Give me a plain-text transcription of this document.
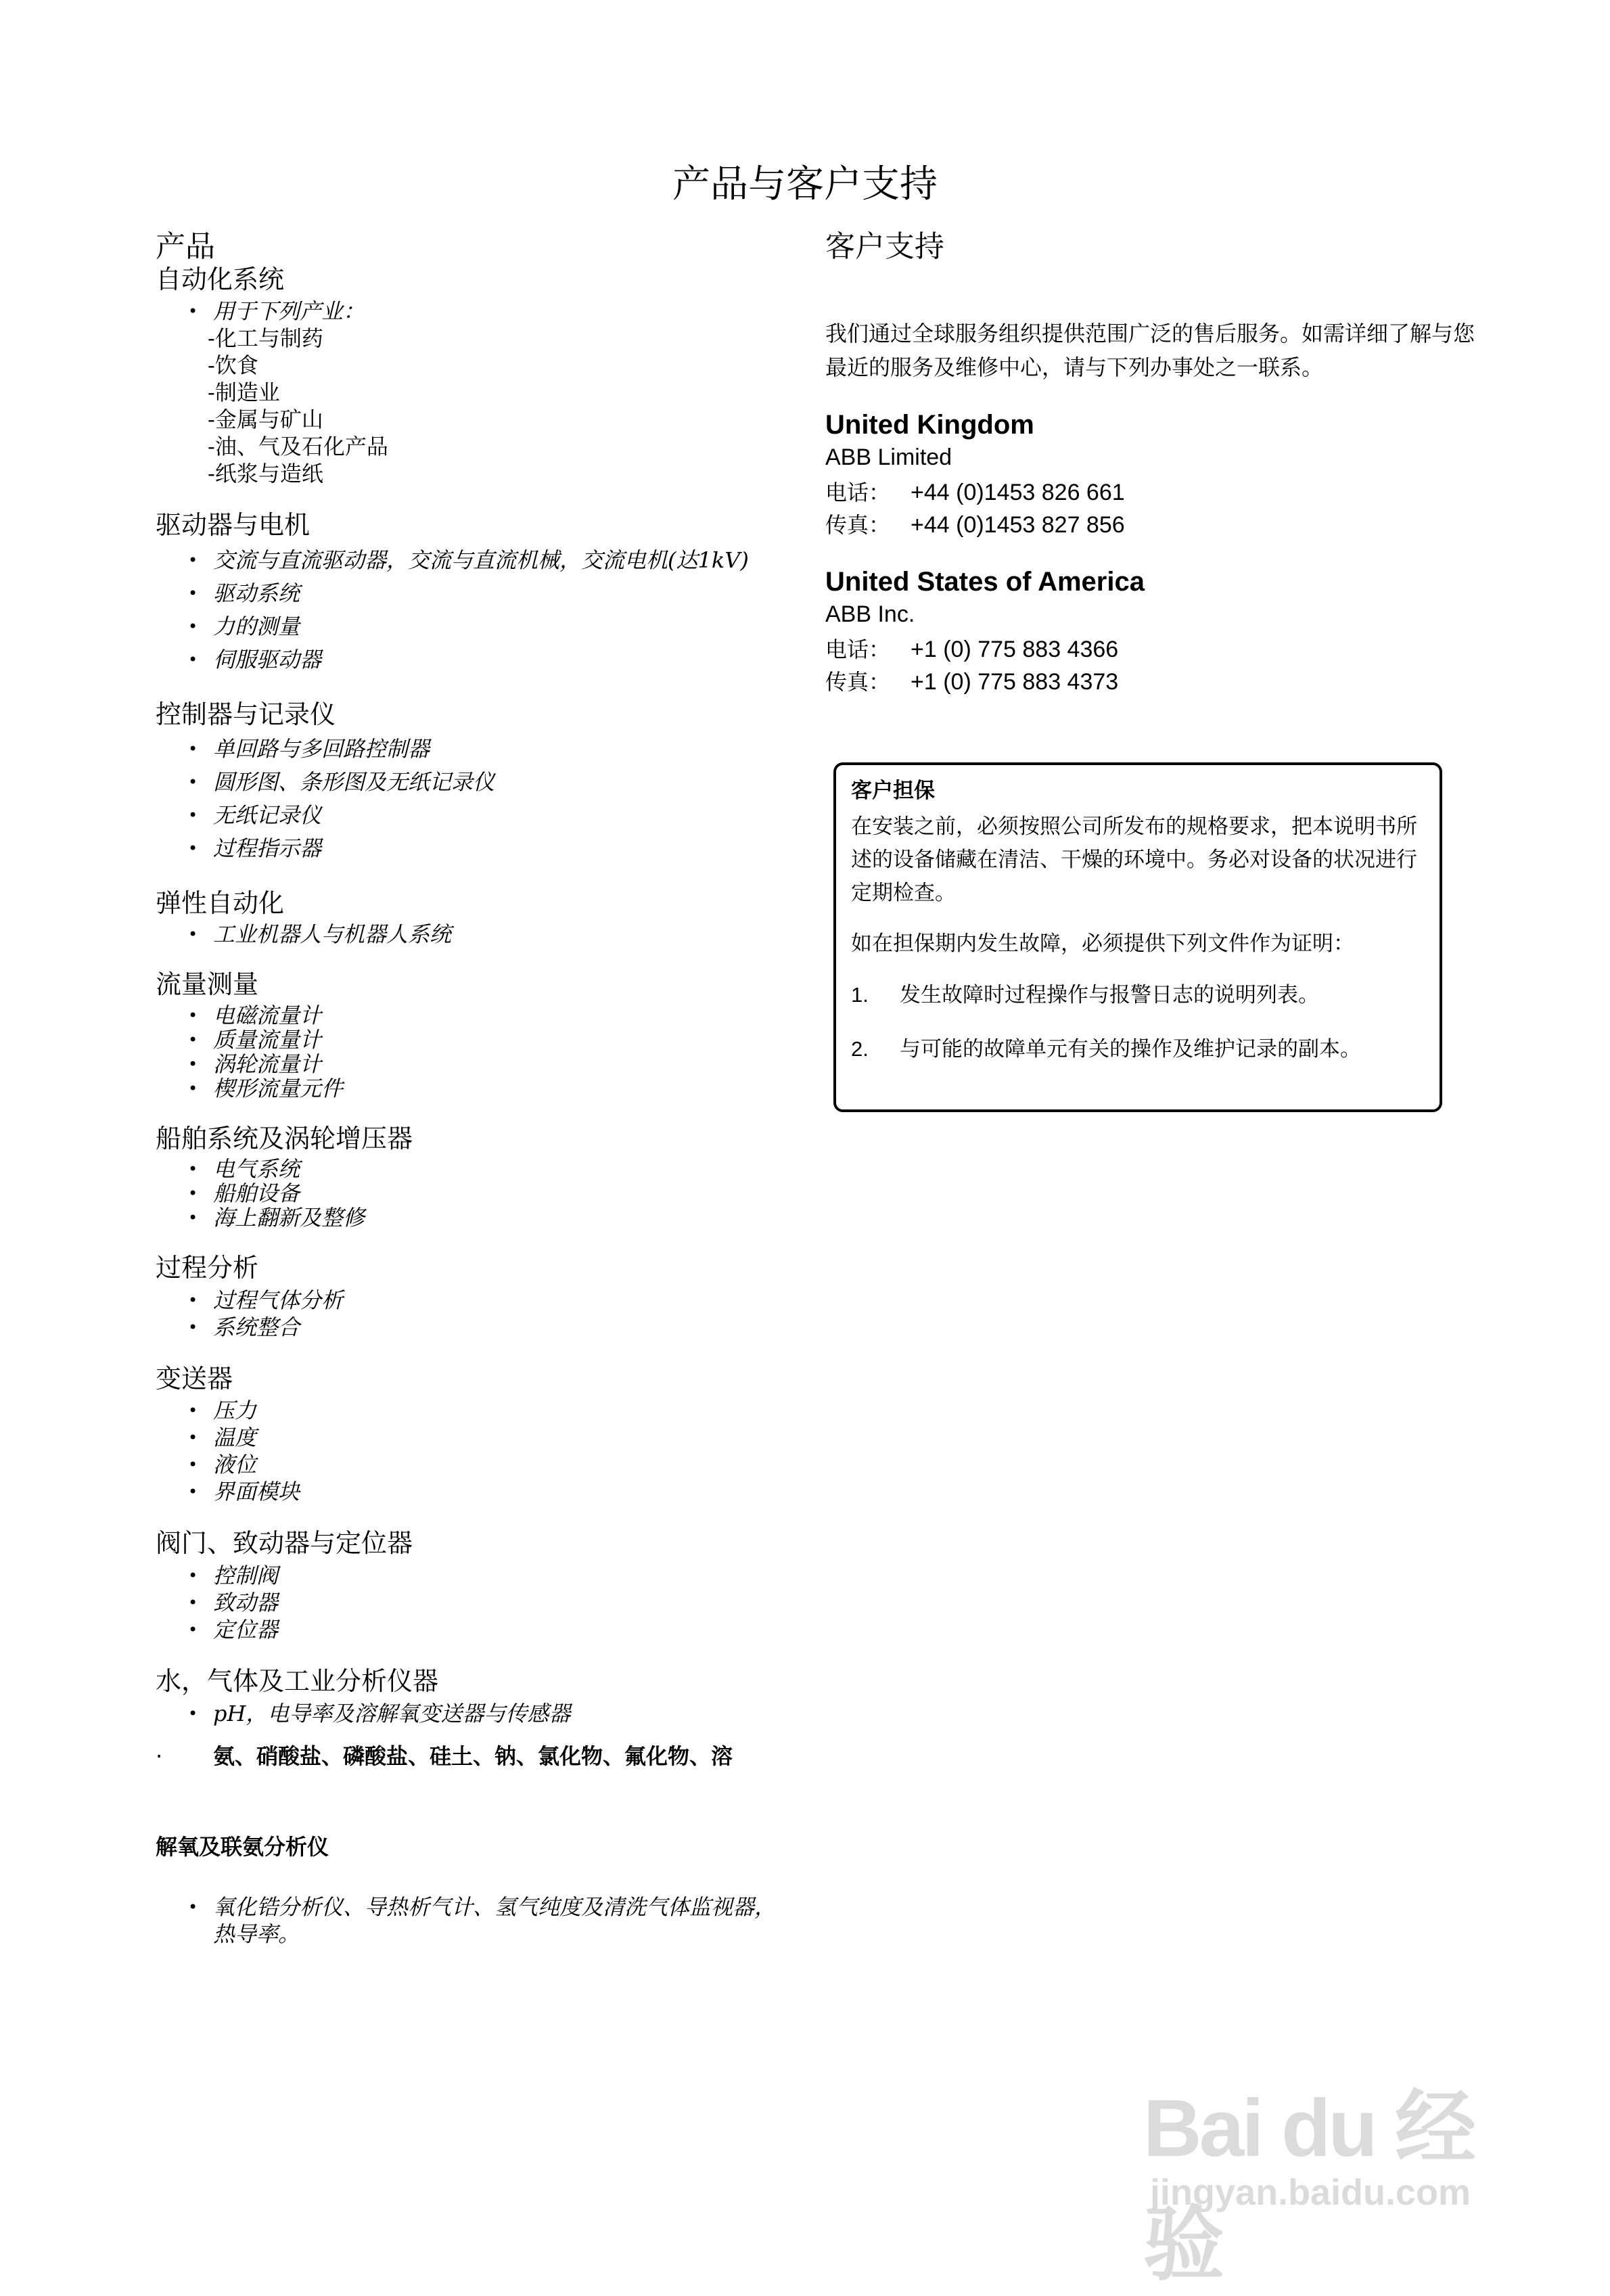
产品与客户支持
产品
自动化系统
• 用于下列产业：
-化工与制药
-饮食
-制造业
-金属与矿山
-油、气及石化产品
-纸浆与造纸
驱动器与电机
• 交流与直流驱动器，交流与直流机械，交流电机(达1kV)
• 驱动系统
• 力的测量
• 伺服驱动器
控制器与记录仪
• 单回路与多回路控制器
• 圆形图、条形图及无纸记录仪
• 无纸记录仪
• 过程指示器
弹性自动化
• 工业机器人与机器人系统
流量测量
• 电磁流量计
• 质量流量计
• 涡轮流量计
• 楔形流量元件
船舶系统及涡轮增压器
• 电气系统
• 船舶设备
• 海上翻新及整修
过程分析
• 过程气体分析
• 系统整合
变送器
• 压力
• 温度
• 液位
• 界面模块
阀门、致动器与定位器
• 控制阀
• 致动器
• 定位器
水，气体及工业分析仪器
• pH，电导率及溶解氧变送器与传感器
· 氨、硝酸盐、磷酸盐、硅土、钠、氯化物、氟化物、溶
解氧及联氨分析仪
• 氧化锆分析仪、导热析气计、氢气纯度及清洗气体监视器，热导率。
客户支持

我们通过全球服务组织提供范围广泛的售后服务。如需详细了解与您最近的服务及维修中心，请与下列办事处之一联系。

United Kingdom
ABB Limited
电话： +44 (0)1453 826 661
传真： +44 (0)1453 827 856
United States of America
ABB Inc.
电话： +1 (0) 775 883 4366
传真： +1 (0) 775 883 4373
客户担保

在安装之前，必须按照公司所发布的规格要求，把本说明书所述的设备储藏在清洁、干燥的环境中。务必对设备的状况进行定期检查。

如在担保期内发生故障，必须提供下列文件作为证明：

1. 发生故障时过程操作与报警日志的说明列表。
2. 与可能的故障单元有关的操作及维护记录的副本。
Bai du 经验
jingyan.baidu.com
